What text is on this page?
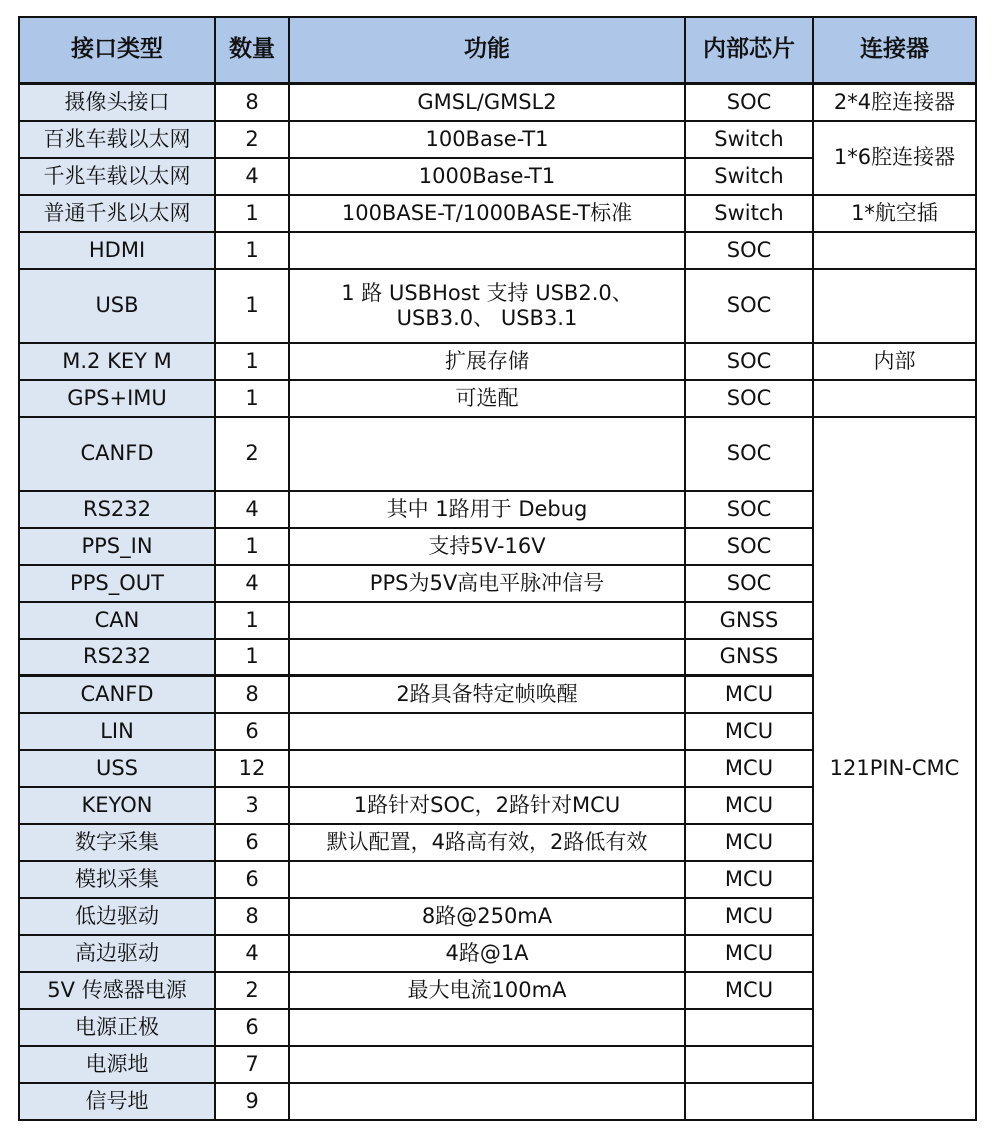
接口类型	数量	功能	内部芯片	连接器
摄像头接口	8	GMSL/GMSL2	SOC	2*4腔连接器
百兆车载以太网	2	100Base-T1	Switch	1*6腔连接器
千兆车载以太网	4	1000Base-T1	Switch	
普通千兆以太网	1	100BASE-T/1000BASE-T标准	Switch	1*航空插
HDMI	1		SOC	
USB	1	1 路 USBHost 支持 USB2.0、 USB3.0、 USB3.1	SOC	
M.2 KEY M	1	扩展存储	SOC	内部
GPS+IMU	1	可选配	SOC	
CANFD	2		SOC	121PIN-CMC
RS232	4	其中 1路用于 Debug	SOC	
PPS_IN	1	支持5V-16V	SOC	
PPS_OUT	4	PPS为5V高电平脉冲信号	SOC	
CAN	1		GNSS	
RS232	1		GNSS	
CANFD	8	2路具备特定帧唤醒	MCU	
LIN	6		MCU	
USS	12		MCU	
KEYON	3	1路针对SOC，2路针对MCU	MCU	
数字采集	6	默认配置，4路高有效，2路低有效	MCU	
模拟采集	6		MCU	
低边驱动	8	8路@250mA	MCU	
高边驱动	4	4路@1A	MCU	
5V 传感器电源	2	最大电流100mA	MCU	
电源正极	6			
电源地	7			
信号地	9			
